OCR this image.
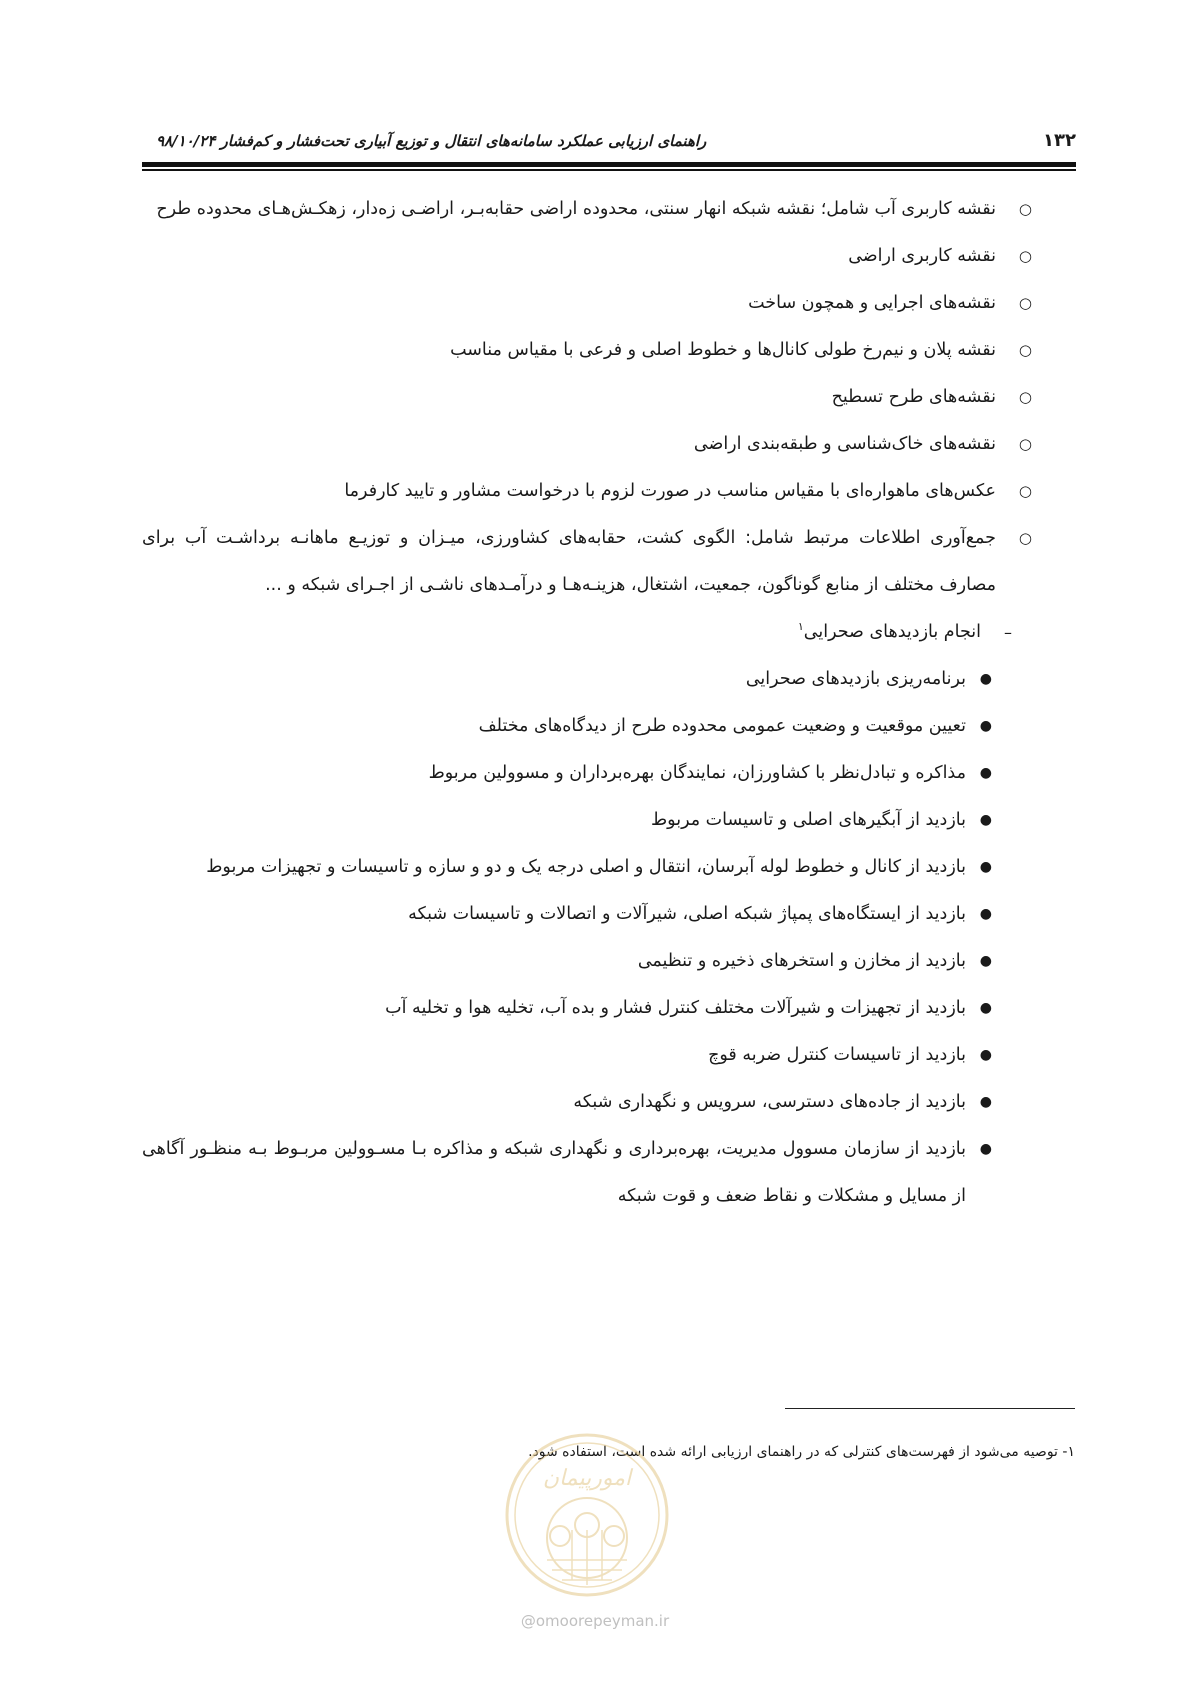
۱۳۲
راهنمای ارزیابی عملکرد سامانه‌های انتقال و توزیع آبیاری تحت‌فشار و کم‌فشار ۹۸/۱۰/۲۴
○
نقشه کاربری آب شامل؛ نقشه شبکه انهار سنتی، محدوده اراضی حقابه‌بـر، اراضـی زه‌دار، زهکـش‌هـای محدوده طرح
○
نقشه کاربری اراضی
○
نقشه‌های اجرایی و همچون ساخت
○
نقشه پلان و نیم‌رخ طولی کانال‌ها و خطوط اصلی و فرعی با مقیاس مناسب
○
نقشه‌های طرح تسطیح
○
نقشه‌های خاک‌شناسی و طبقه‌بندی اراضی
○
عکس‌های ماهواره‌ای با مقیاس مناسب در صورت لزوم با درخواست مشاور و تایید کارفرما
○
جمع‌آوری اطلاعات مرتبط شامل: الگوی کشت، حقابه‌های کشاورزی، میـزان و توزیـع ماهانـه برداشـت آب برای مصارف مختلف از منابع گوناگون، جمعیت، اشتغال، هزینـه‌هـا و درآمـدهای ناشـی از اجـرای شبکه و ...
–
انجام بازدیدهای صحرایی$^۱$
●
برنامه‌ریزی بازدیدهای صحرایی
●
تعیین موقعیت و وضعیت عمومی محدوده طرح از دیدگاه‌های مختلف
●
مذاکره و تبادل‌نظر با کشاورزان، نمایندگان بهره‌برداران و مسوولین مربوط
●
بازدید از آبگیرهای اصلی و تاسیسات مربوط
●
بازدید از کانال و خطوط لوله آبرسان، انتقال و اصلی درجه یک و دو و سازه و تاسیسات و تجهیزات مربوط
●
بازدید از ایستگاه‌های پمپاژ شبکه اصلی، شیرآلات و اتصالات و تاسیسات شبکه
●
بازدید از مخازن و استخرهای ذخیره و تنظیمی
●
بازدید از تجهیزات و شیرآلات مختلف کنترل فشار و بده آب، تخلیه هوا و تخلیه آب
●
بازدید از تاسیسات کنترل ضربه قوچ
●
بازدید از جاده‌های دسترسی، سرویس و نگهداری شبکه
●
بازدید از سازمان مسوول مدیریت، بهره‌برداری و نگهداری شبکه و مذاکره بـا مسـوولین مربـوط بـه منظـور آگاهی از مسایل و مشکلات و نقاط ضعف و قوت شبکه
۱- توصیه می‌شود از فهرست‌های کنترلی که در راهنمای ارزیابی ارائه شده است، استفاده شود.
امورپیمان
@omoorepeyman.ir
